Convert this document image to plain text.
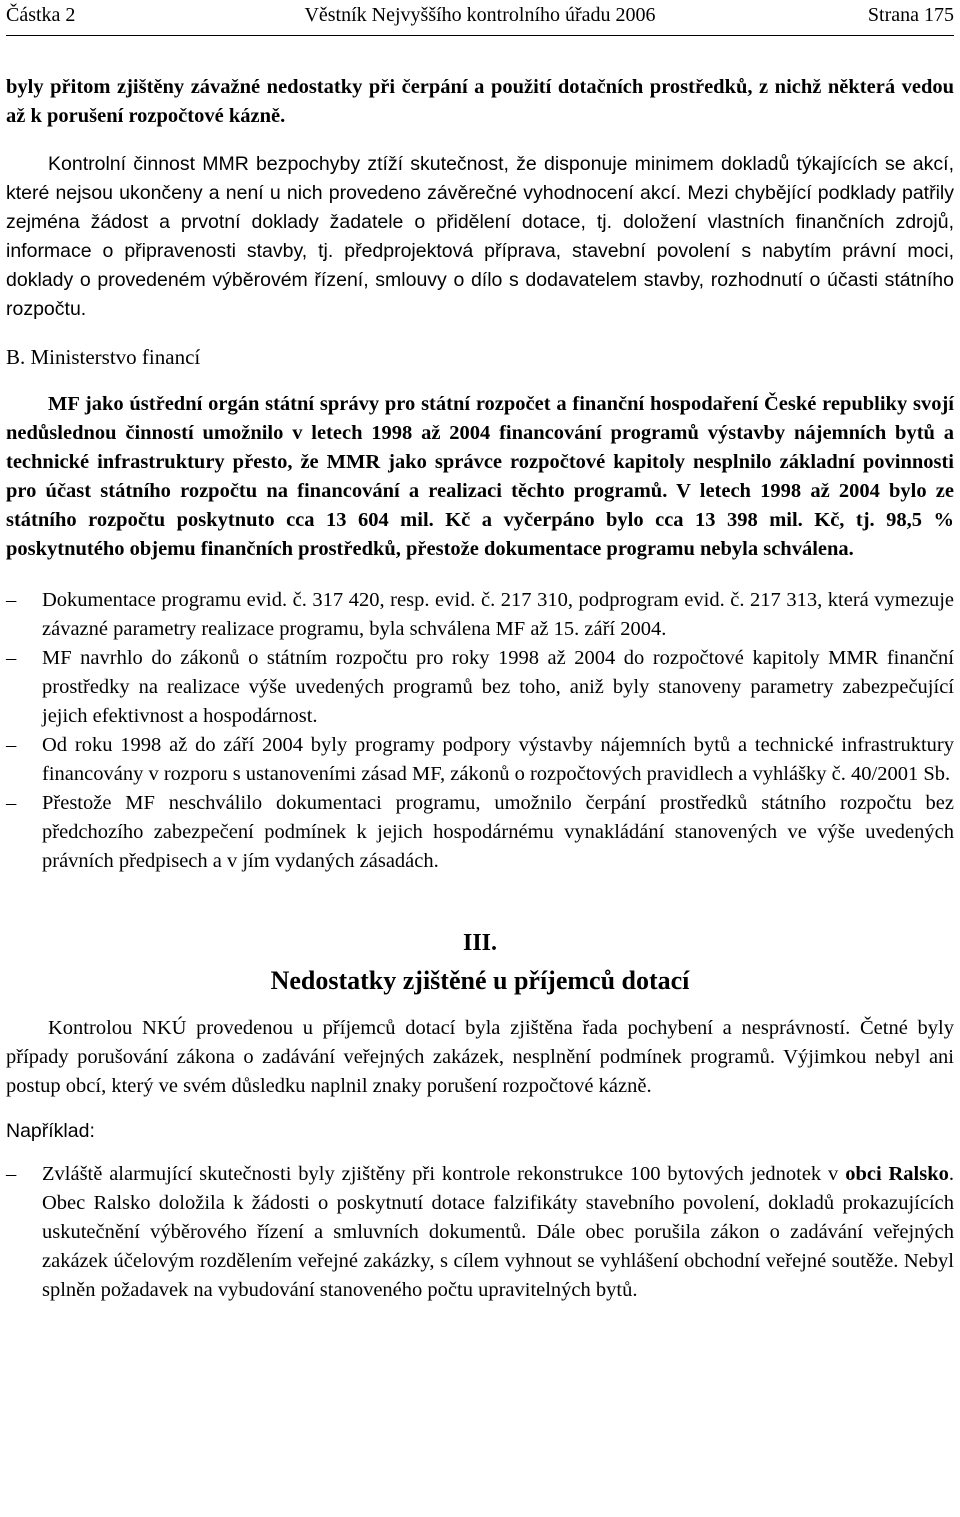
Částka 2	Věstník Nejvyššího kontrolního úřadu 2006	Strana 175

byly přitom zjištěny závažné nedostatky při čerpání a použití dotačních prostředků, z nichž některá vedou až k porušení rozpočtové kázně.

Kontrolní činnost MMR bezpochyby ztíží skutečnost, že disponuje minimem dokladů týkajících se akcí, které nejsou ukončeny a není u nich provedeno závěrečné vyhodnocení akcí. Mezi chybějící podklady patřily zejména žádost a prvotní doklady žadatele o přidělení dotace, tj. doložení vlastních finančních zdrojů, informace o připravenosti stavby, tj. předprojektová příprava, stavební povolení s nabytím právní moci, doklady o provedeném výběrovém řízení, smlouvy o dílo s dodavatelem stavby, rozhodnutí o účasti státního rozpočtu.

B. Ministerstvo financí

MF jako ústřední orgán státní správy pro státní rozpočet a finanční hospodaření České republiky svojí nedůslednou činností umožnilo v letech 1998 až 2004 financování programů výstavby nájemních bytů a technické infrastruktury přesto, že MMR jako správce rozpočtové kapitoly nesplnilo základní povinnosti pro účast státního rozpočtu na financování a realizaci těchto programů. V letech 1998 až 2004 bylo ze státního rozpočtu poskytnuto cca 13 604 mil. Kč a vyčerpáno bylo cca 13 398 mil. Kč, tj. 98,5 % poskytnutého objemu finančních prostředků, přestože dokumentace programu nebyla schválena.

– Dokumentace programu evid. č. 317 420, resp. evid. č. 217 310, podprogram evid. č. 217 313, která vymezuje závazné parametry realizace programu, byla schválena MF až 15. září 2004.
– MF navrhlo do zákonů o státním rozpočtu pro roky 1998 až 2004 do rozpočtové kapitoly MMR finanční prostředky na realizace výše uvedených programů bez toho, aniž byly stanoveny parametry zabezpečující jejich efektivnost a hospodárnost.
– Od roku 1998 až do září 2004 byly programy podpory výstavby nájemních bytů a technické infrastruktury financovány v rozporu s ustanoveními zásad MF, zákonů o rozpočtových pravidlech a vyhlášky č. 40/2001 Sb.
– Přestože MF neschválilo dokumentaci programu, umožnilo čerpání prostředků státního rozpočtu bez předchozího zabezpečení podmínek k jejich hospodárnému vynakládání stanovených ve výše uvedených právních předpisech a v jím vydaných zásadách.

III.

Nedostatky zjištěné u příjemců dotací

Kontrolou NKÚ provedenou u příjemců dotací byla zjištěna řada pochybení a nesprávností. Četné byly případy porušování zákona o zadávání veřejných zakázek, nesplnění podmínek programů. Výjimkou nebyl ani postup obcí, který ve svém důsledku naplnil znaky porušení rozpočtové kázně.

Například:

– Zvláště alarmující skutečnosti byly zjištěny při kontrole rekonstrukce 100 bytových jednotek v obci Ralsko. Obec Ralsko doložila k žádosti o poskytnutí dotace falzifikáty stavebního povolení, dokladů prokazujících uskutečnění výběrového řízení a smluvních dokumentů. Dále obec porušila zákon o zadávání veřejných zakázek účelovým rozdělením veřejné zakázky, s cílem vyhnout se vyhlášení obchodní veřejné soutěže. Nebyl splněn požadavek na vybudování stanoveného počtu upravitelných bytů.
